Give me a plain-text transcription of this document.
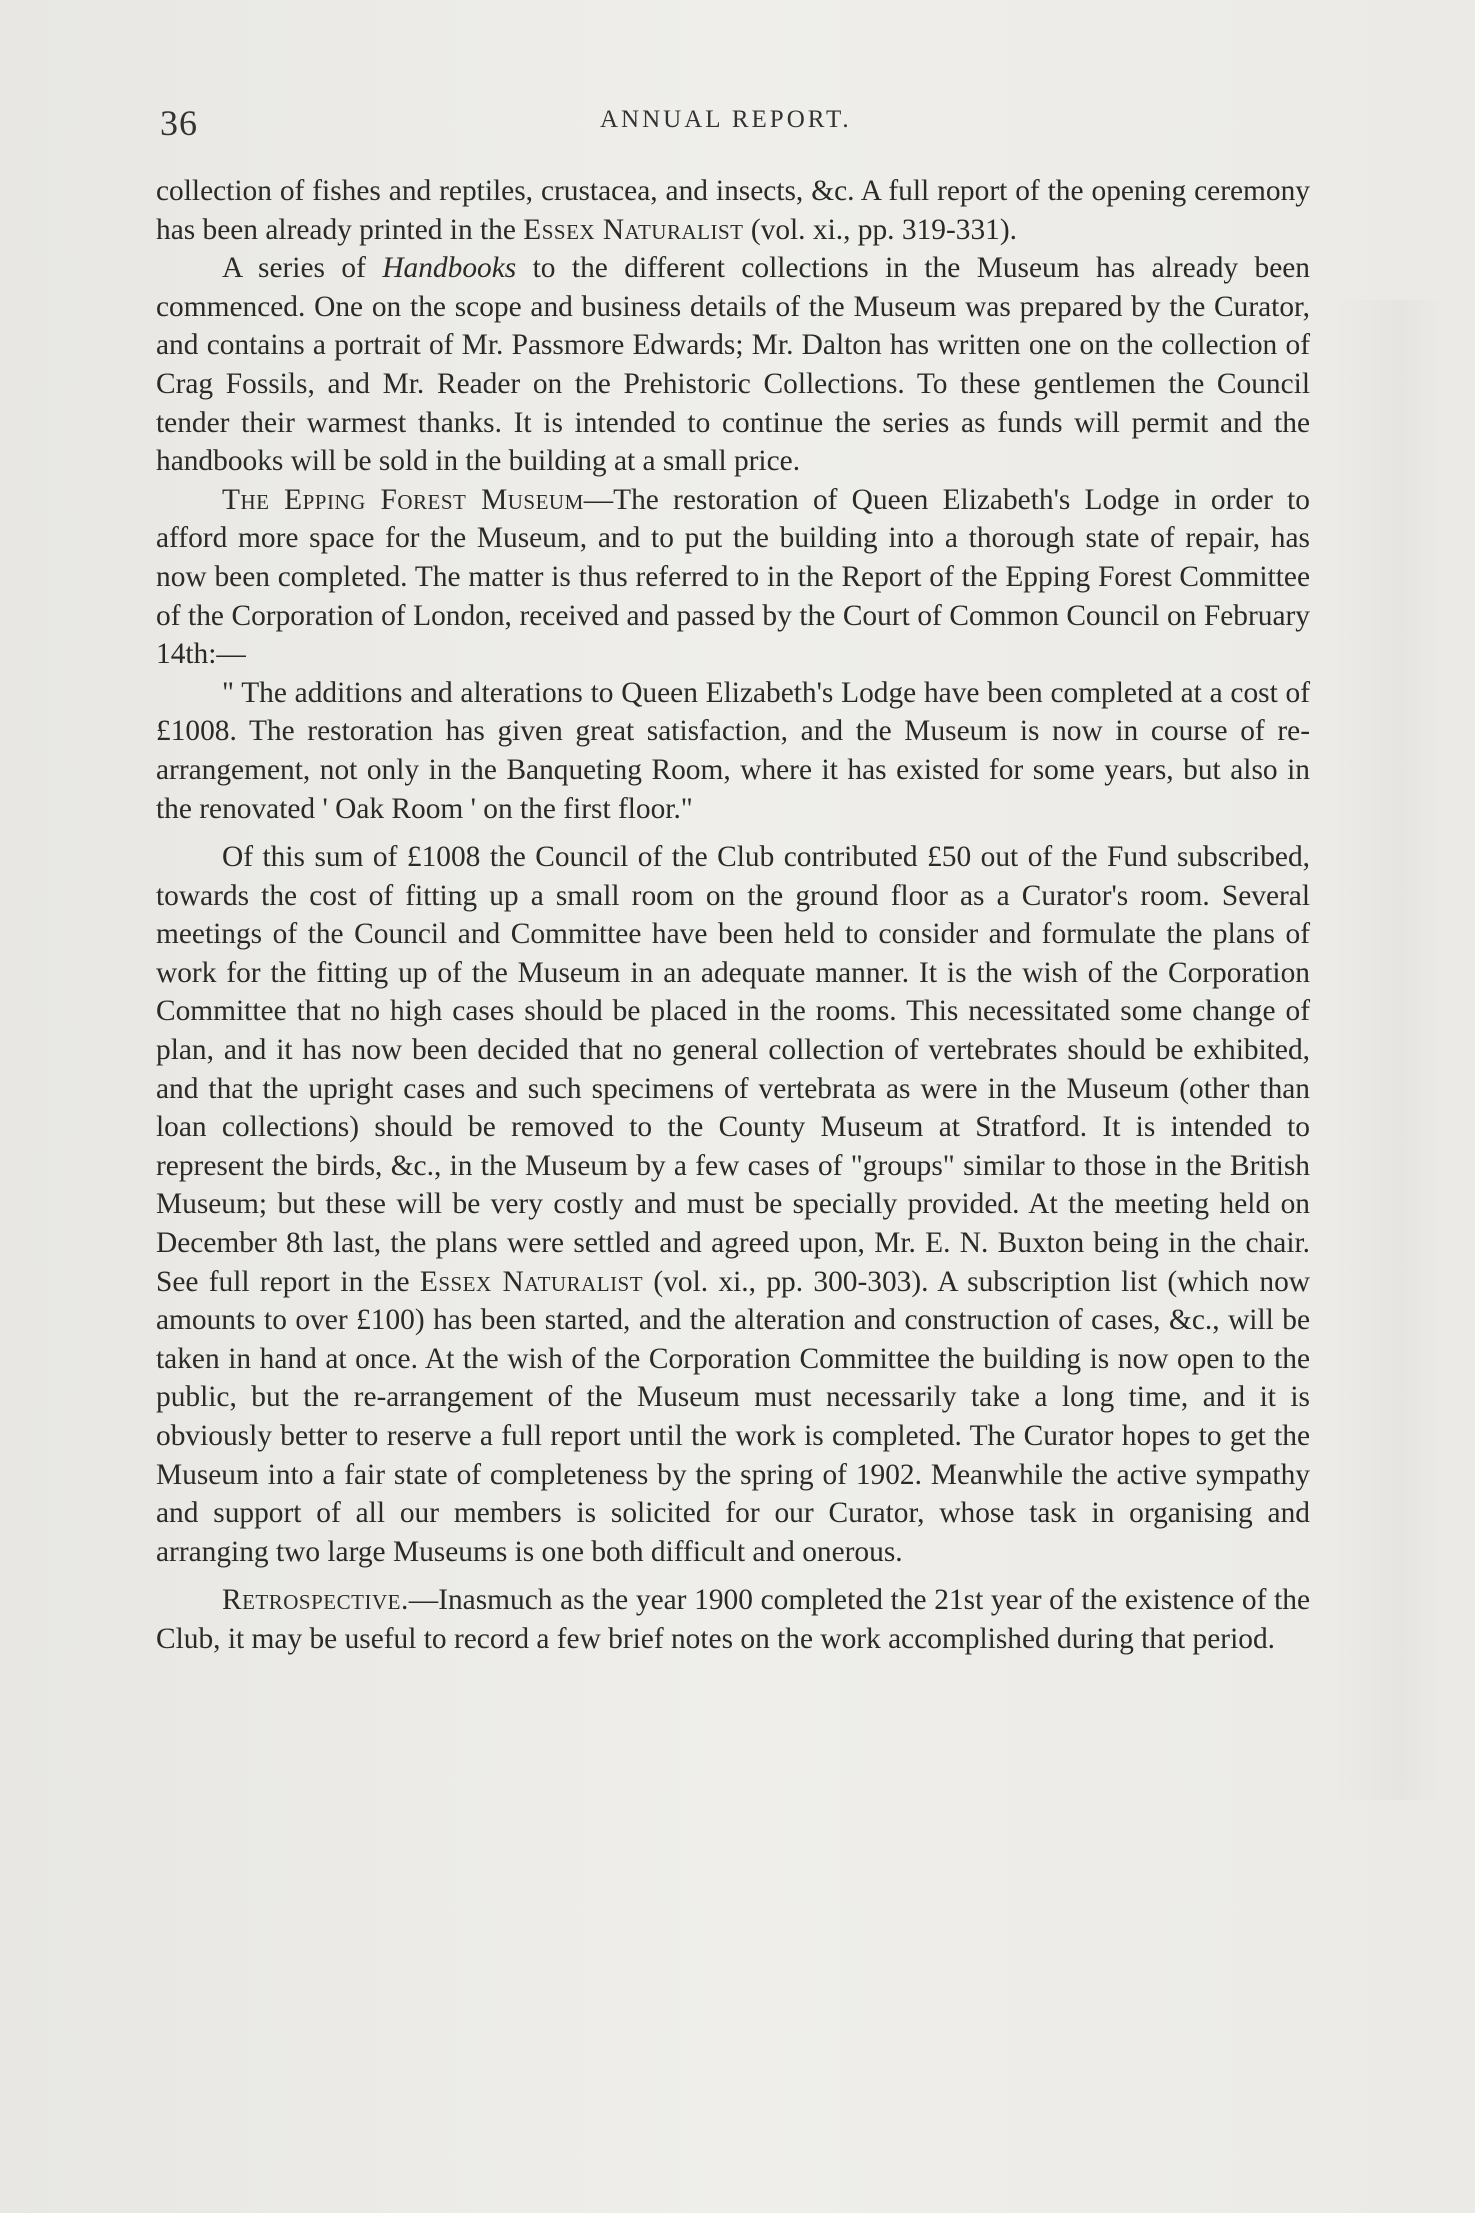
36	ANNUAL REPORT.

collection of fishes and reptiles, crustacea, and insects, &c. A full report of the opening ceremony has been already printed in the Essex Naturalist (vol. xi., pp. 319-331).

A series of Handbooks to the different collections in the Museum has already been commenced. One on the scope and business details of the Museum was prepared by the Curator, and contains a portrait of Mr. Passmore Edwards; Mr. Dalton has written one on the collection of Crag Fossils, and Mr. Reader on the Prehistoric Collections. To these gentlemen the Council tender their warmest thanks. It is intended to continue the series as funds will permit and the handbooks will be sold in the building at a small price.

The Epping Forest Museum—The restoration of Queen Elizabeth's Lodge in order to afford more space for the Museum, and to put the building into a thorough state of repair, has now been completed. The matter is thus referred to in the Report of the Epping Forest Committee of the Corporation of London, received and passed by the Court of Common Council on February 14th:—

" The additions and alterations to Queen Elizabeth's Lodge have been completed at a cost of £1008. The restoration has given great satisfaction, and the Museum is now in course of re-arrangement, not only in the Banqueting Room, where it has existed for some years, but also in the renovated ' Oak Room ' on the first floor."

Of this sum of £1008 the Council of the Club contributed £50 out of the Fund subscribed, towards the cost of fitting up a small room on the ground floor as a Curator's room. Several meetings of the Council and Committee have been held to consider and formulate the plans of work for the fitting up of the Museum in an adequate manner. It is the wish of the Corporation Committee that no high cases should be placed in the rooms. This necessitated some change of plan, and it has now been decided that no general collection of vertebrates should be exhibited, and that the upright cases and such specimens of vertebrata as were in the Museum (other than loan collections) should be removed to the County Museum at Stratford. It is intended to represent the birds, &c., in the Museum by a few cases of "groups" similar to those in the British Museum; but these will be very costly and must be specially provided. At the meeting held on December 8th last, the plans were settled and agreed upon, Mr. E. N. Buxton being in the chair. See full report in the Essex Naturalist (vol. xi., pp. 300-303). A subscription list (which now amounts to over £100) has been started, and the alteration and construction of cases, &c., will be taken in hand at once. At the wish of the Corporation Committee the building is now open to the public, but the re-arrangement of the Museum must necessarily take a long time, and it is obviously better to reserve a full report until the work is completed. The Curator hopes to get the Museum into a fair state of completeness by the spring of 1902. Meanwhile the active sympathy and support of all our members is solicited for our Curator, whose task in organising and arranging two large Museums is one both difficult and onerous.

Retrospective.—Inasmuch as the year 1900 completed the 21st year of the existence of the Club, it may be useful to record a few brief notes on the work accomplished during that period.
